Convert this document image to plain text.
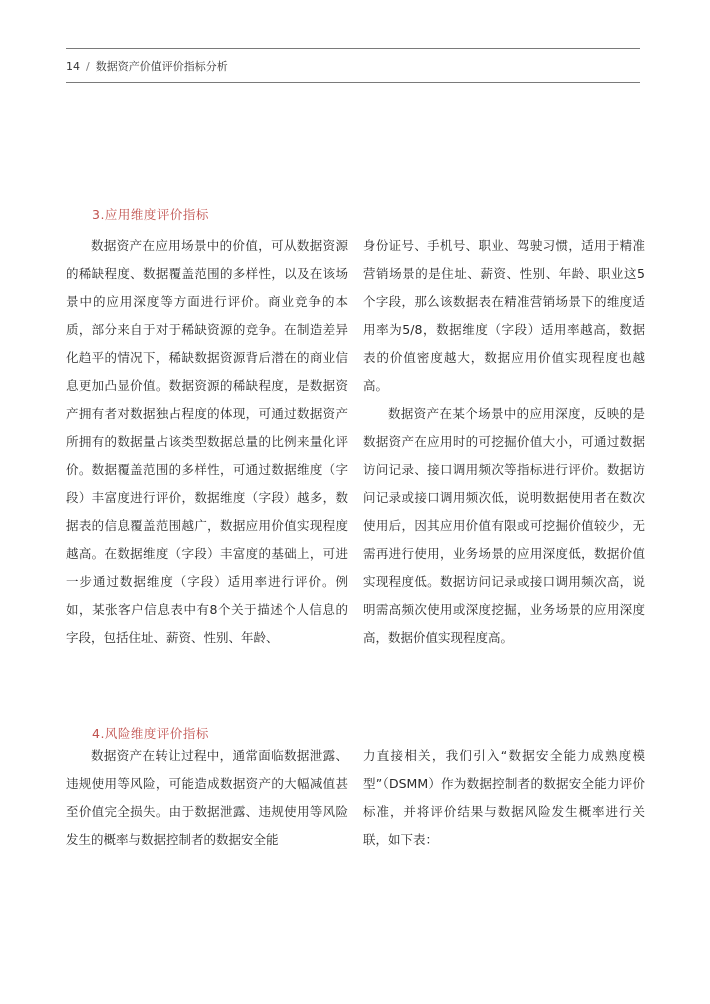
14 / 数据资产价值评价指标分析
3.应用维度评价指标

数据资产在应用场景中的价值，可从数据资源的稀缺程度、数据覆盖范围的多样性，以及在该场景中的应用深度等方面进行评价。商业竞争的本质，部分来自于对于稀缺资源的竞争。在制造差异化趋平的情况下，稀缺数据资源背后潜在的商业信息更加凸显价值。数据资源的稀缺程度，是数据资产拥有者对数据独占程度的体现，可通过数据资产所拥有的数据量占该类型数据总量的比例来量化评价。数据覆盖范围的多样性，可通过数据维度（字段）丰富度进行评价，数据维度（字段）越多，数据表的信息覆盖范围越广，数据应用价值实现程度越高。在数据维度（字段）丰富度的基础上，可进一步通过数据维度（字段）适用率进行评价。例如，某张客户信息表中有8个关于描述个人信息的字段，包括住址、薪资、性别、年龄、

身份证号、手机号、职业、驾驶习惯，适用于精准营销场景的是住址、薪资、性别、年龄、职业这5个字段，那么该数据表在精准营销场景下的维度适用率为5/8，数据维度（字段）适用率越高，数据表的价值密度越大，数据应用价值实现程度也越高。

数据资产在某个场景中的应用深度，反映的是数据资产在应用时的可挖掘价值大小，可通过数据访问记录、接口调用频次等指标进行评价。数据访问记录或接口调用频次低，说明数据使用者在数次使用后，因其应用价值有限或可挖掘价值较少，无需再进行使用，业务场景的应用深度低，数据价值实现程度低。数据访问记录或接口调用频次高，说明需高频次使用或深度挖掘，业务场景的应用深度高，数据价值实现程度高。

4.风险维度评价指标

数据资产在转让过程中，通常面临数据泄露、违规使用等风险，可能造成数据资产的大幅减值甚至价值完全损失。由于数据泄露、违规使用等风险发生的概率与数据控制者的数据安全能

力直接相关，我们引入“数据安全能力成熟度模型”（DSMM）作为数据控制者的数据安全能力评价标准，并将评价结果与数据风险发生概率进行关联，如下表：
